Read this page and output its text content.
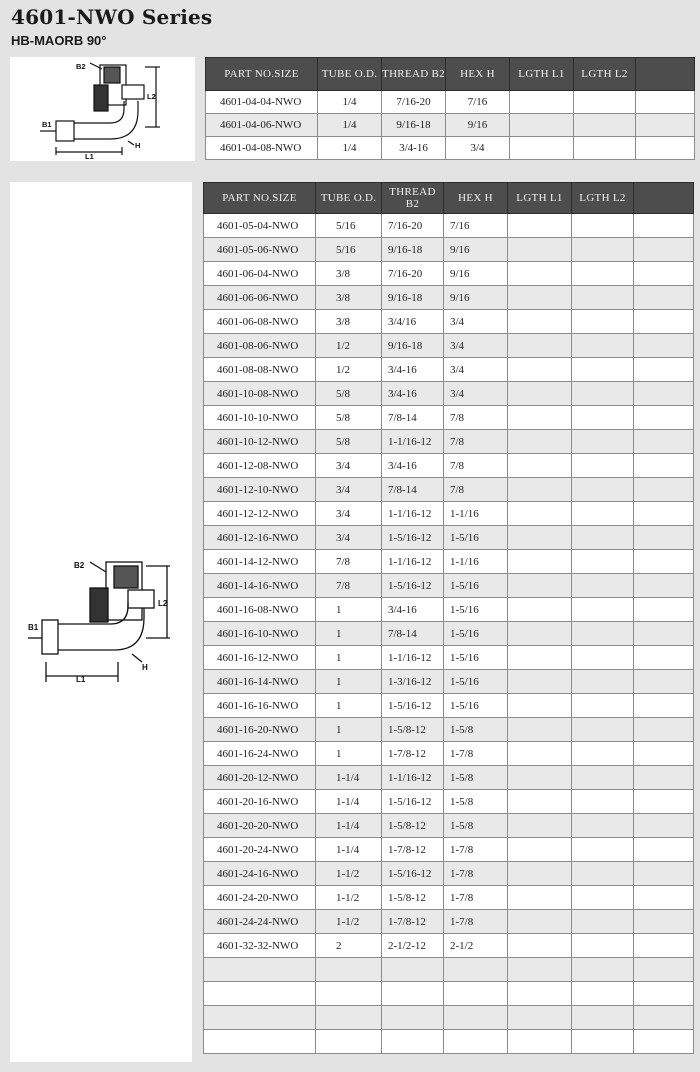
4601-NWO Series
HB-MAORB 90°
B2
L2
B1
H
L1
B2
L2
B1
H
L1
PART NO.SIZE	TUBE O.D.	THREAD B2	HEX H	LGTH L1	LGTH L2	
4601-04-04-NWO	1/4	7/16-20	7/16			
4601-04-06-NWO	1/4	9/16-18	9/16			
4601-04-08-NWO	1/4	3/4-16	3/4			
PART NO.SIZE	TUBE O.D.	THREAD B2	HEX H	LGTH L1	LGTH L2	
4601-05-04-NWO	5/16	7/16-20	7/16			
4601-05-06-NWO	5/16	9/16-18	9/16			
4601-06-04-NWO	3/8	7/16-20	9/16			
4601-06-06-NWO	3/8	9/16-18	9/16			
4601-06-08-NWO	3/8	3/4/16	3/4			
4601-08-06-NWO	1/2	9/16-18	3/4			
4601-08-08-NWO	1/2	3/4-16	3/4			
4601-10-08-NWO	5/8	3/4-16	3/4			
4601-10-10-NWO	5/8	7/8-14	7/8			
4601-10-12-NWO	5/8	1-1/16-12	7/8			
4601-12-08-NWO	3/4	3/4-16	7/8			
4601-12-10-NWO	3/4	7/8-14	7/8			
4601-12-12-NWO	3/4	1-1/16-12	1-1/16			
4601-12-16-NWO	3/4	1-5/16-12	1-5/16			
4601-14-12-NWO	7/8	1-1/16-12	1-1/16			
4601-14-16-NWO	7/8	1-5/16-12	1-5/16			
4601-16-08-NWO	1	3/4-16	1-5/16			
4601-16-10-NWO	1	7/8-14	1-5/16			
4601-16-12-NWO	1	1-1/16-12	1-5/16			
4601-16-14-NWO	1	1-3/16-12	1-5/16			
4601-16-16-NWO	1	1-5/16-12	1-5/16			
4601-16-20-NWO	1	1-5/8-12	1-5/8			
4601-16-24-NWO	1	1-7/8-12	1-7/8			
4601-20-12-NWO	1-1/4	1-1/16-12	1-5/8			
4601-20-16-NWO	1-1/4	1-5/16-12	1-5/8			
4601-20-20-NWO	1-1/4	1-5/8-12	1-5/8			
4601-20-24-NWO	1-1/4	1-7/8-12	1-7/8			
4601-24-16-NWO	1-1/2	1-5/16-12	1-7/8			
4601-24-20-NWO	1-1/2	1-5/8-12	1-7/8			
4601-24-24-NWO	1-1/2	1-7/8-12	1-7/8			
4601-32-32-NWO	2	2-1/2-12	2-1/2			
